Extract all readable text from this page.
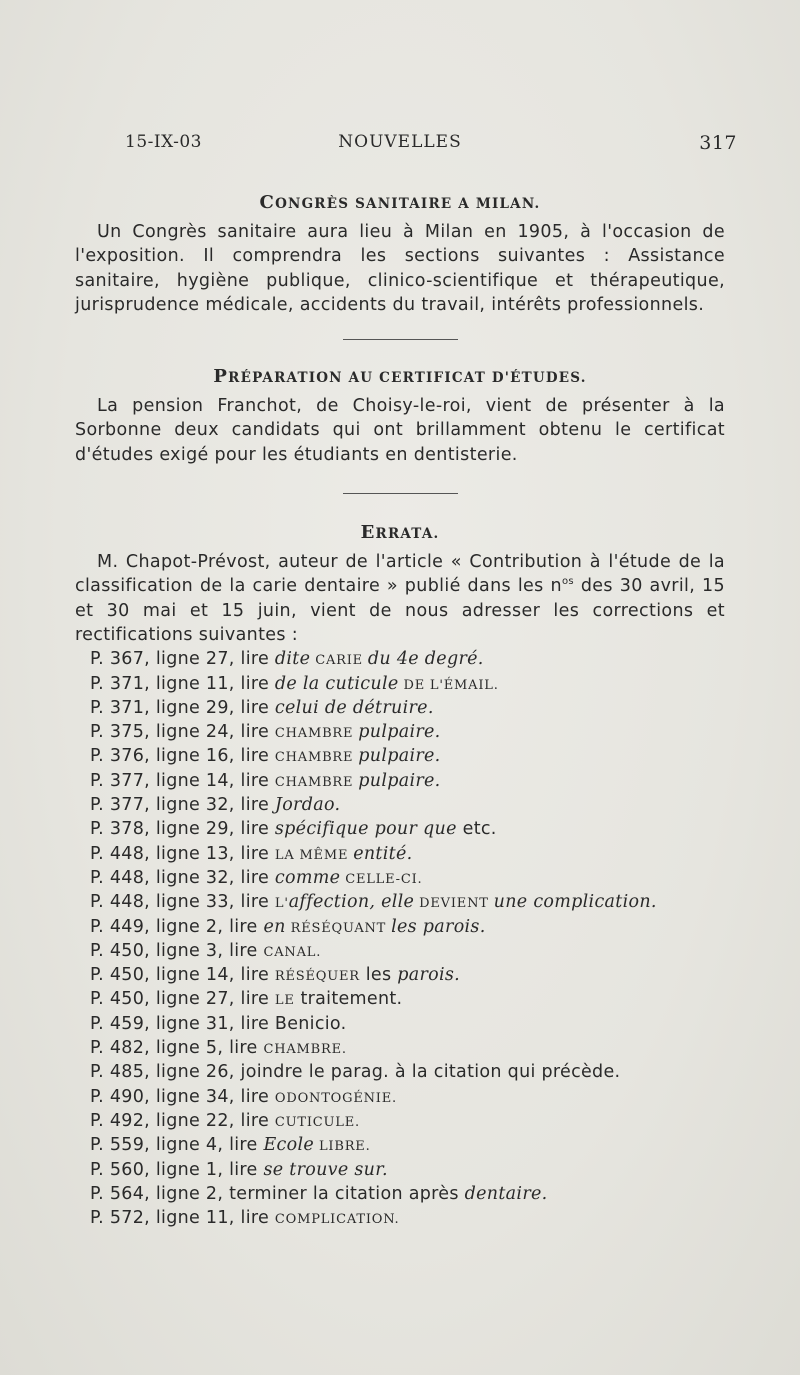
15-IX-03	NOUVELLES	317
CONGRÈS SANITAIRE A MILAN.

Un Congrès sanitaire aura lieu à Milan en 1905, à l'occasion de l'exposition. Il comprendra les sections suivantes : Assistance sanitaire, hygiène publique, clinico-scientifique et thérapeutique, jurisprudence médicale, accidents du travail, intérêts professionnels.

PRÉPARATION AU CERTIFICAT D'ÉTUDES.

La pension Franchot, de Choisy-le-roi, vient de présenter à la Sorbonne deux candidats qui ont brillamment obtenu le certificat d'études exigé pour les étudiants en dentisterie.

ERRATA.

M. Chapot-Prévost, auteur de l'article « Contribution à l'étude de la classification de la carie dentaire » publié dans les $n^{os}$ des 30 avril, 15 et 30 mai et 15 juin, vient de nous adresser les corrections et rectifications suivantes :

P. 367, ligne 27, lire dite CARIE du 4e degré.
P. 371, ligne 11, lire de la cuticule DE L'ÉMAIL.
P. 371, ligne 29, lire celui de détruire.
P. 375, ligne 24, lire CHAMBRE pulpaire.
P. 376, ligne 16, lire CHAMBRE pulpaire.
P. 377, ligne 14, lire CHAMBRE pulpaire.
P. 377, ligne 32, lire Jordao.
P. 378, ligne 29, lire spécifique pour que etc.
P. 448, ligne 13, lire LA MÊME entité.
P. 448, ligne 32, lire comme CELLE-CI.
P. 448, ligne 33, lire L'affection, elle DEVIENT une complication.
P. 449, ligne 2, lire en RÉSÉQUANT les parois.
P. 450, ligne 3, lire CANAL.
P. 450, ligne 14, lire RÉSÉQUER les parois.
P. 450, ligne 27, lire LE traitement.
P. 459, ligne 31, lire Benicio.
P. 482, ligne 5, lire CHAMBRE.
P. 485, ligne 26, joindre le parag. à la citation qui précède.
P. 490, ligne 34, lire ODONTOGÉNIE.
P. 492, ligne 22, lire CUTICULE.
P. 559, ligne 4, lire Ecole LIBRE.
P. 560, ligne 1, lire se trouve sur.
P. 564, ligne 2, terminer la citation après dentaire.
P. 572, ligne 11, lire COMPLICATION.
